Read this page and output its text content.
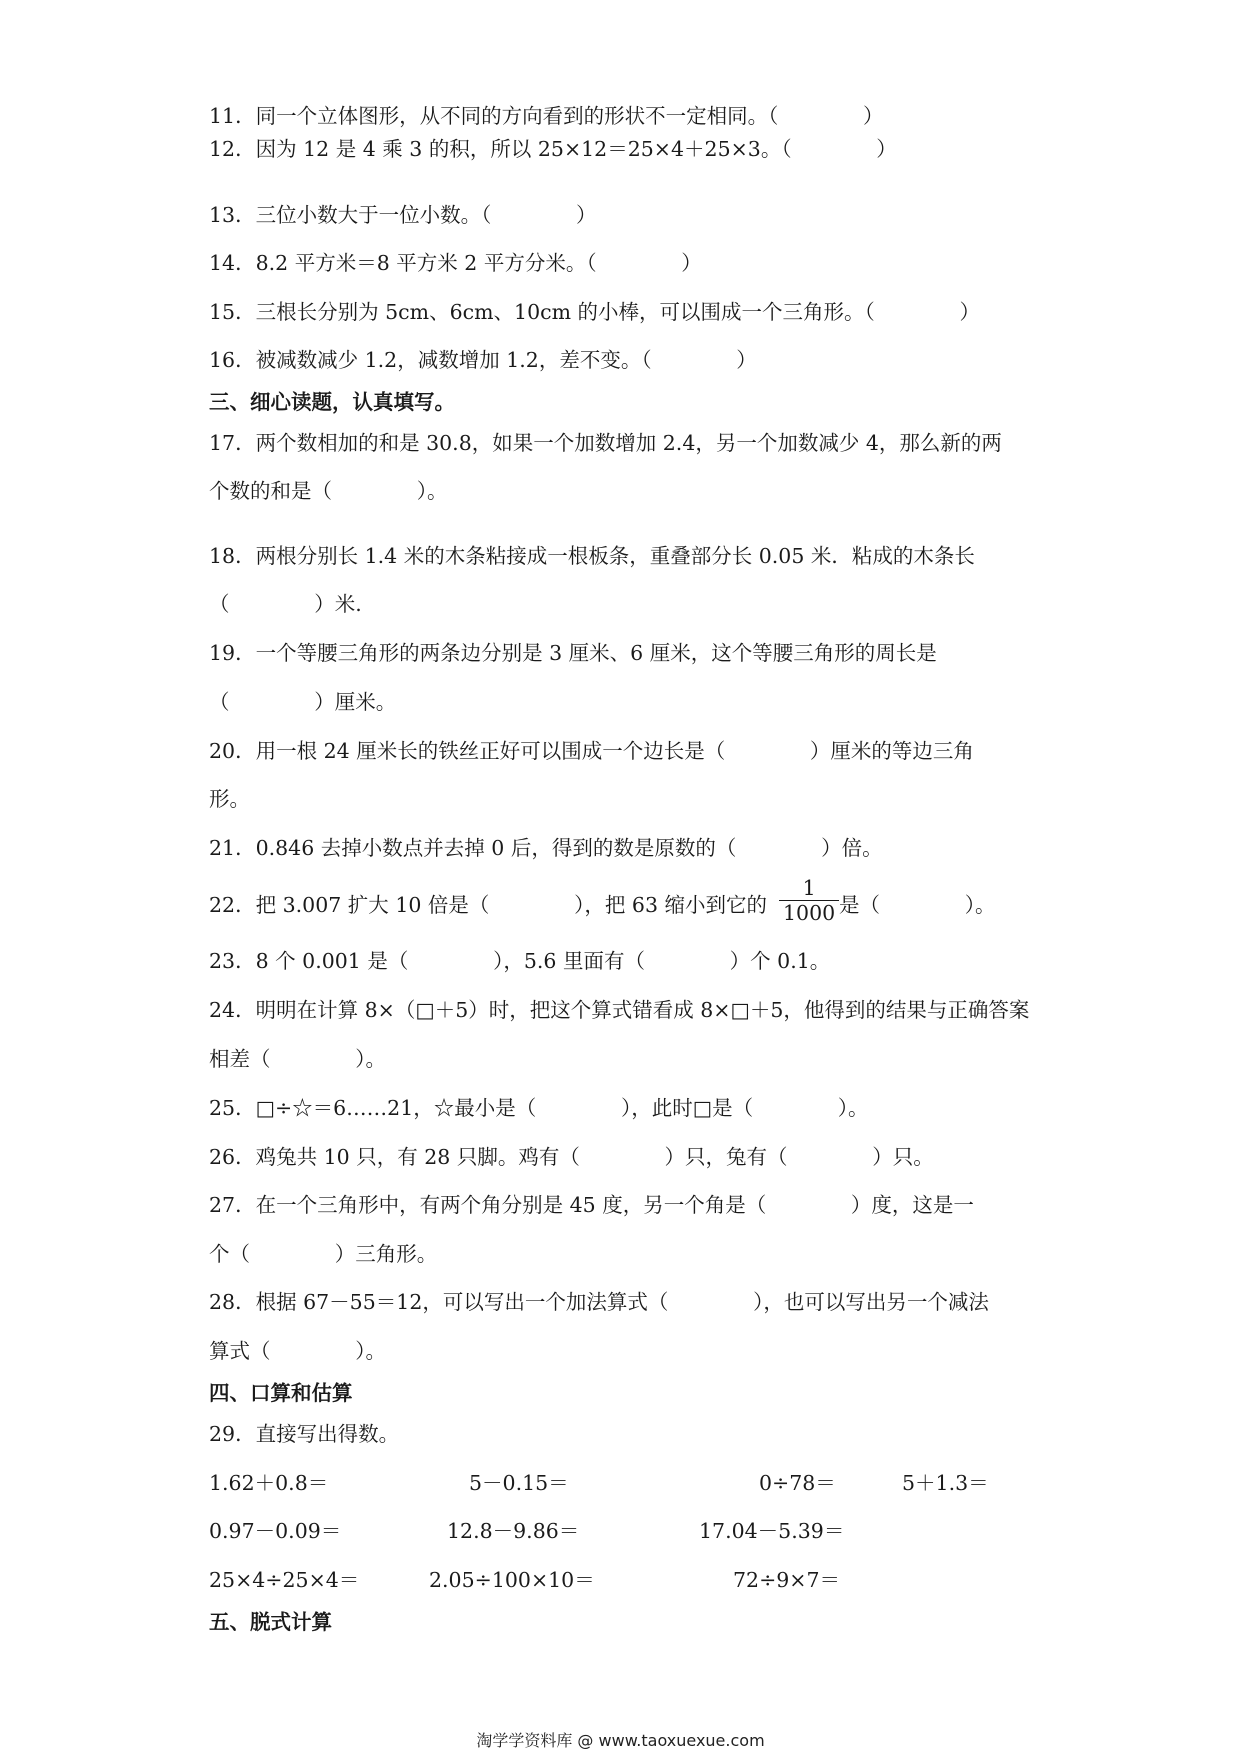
11．同一个立体图形，从不同的方向看到的形状不一定相同。（             ）
12．因为 12 是 4 乘 3 的积，所以 25×12＝25×4＋25×3。（             ）
13．三位小数大于一位小数。（             ）
14．8.2 平方米＝8 平方米 2 平方分米。（             ）
15．三根长分别为 5cm、6cm、10cm 的小棒，可以围成一个三角形。（             ）
16．被减数减少 1.2，减数增加 1.2，差不变。（             ）
三、细心读题，认真填写。
17．两个数相加的和是 30.8，如果一个加数增加 2.4，另一个加数减少 4，那么新的两
个数的和是（             ）。
18．两根分别长 1.4 米的木条粘接成一根板条，重叠部分长 0.05 米．粘成的木条长
（             ）米.
19．一个等腰三角形的两条边分别是 3 厘米、6 厘米，这个等腰三角形的周长是
（             ）厘米。
20．用一根 24 厘米长的铁丝正好可以围成一个边长是（             ）厘米的等边三角
形。
21．0.846 去掉小数点并去掉 0 后，得到的数是原数的（             ）倍。
22．把 3.007 扩大 10 倍是（             ），把 63 缩小到它的
1
1000 是（             ）。
23．8 个 0.001 是（             ），5.6 里面有（             ）个 0.1。
24．明明在计算 8×（□＋5）时，把这个算式错看成 8×□＋5，他得到的结果与正确答案
相差（             ）。
25．□÷☆＝6……21，☆最小是（             ），此时□是（             ）。
26．鸡兔共 10 只，有 28 只脚。鸡有（             ）只，兔有（             ）只。
27．在一个三角形中，有两个角分别是 45 度，另一个角是（             ）度，这是一
个（             ）三角形。
28．根据 67－55＝12，可以写出一个加法算式（             ），也可以写出另一个减法
算式（             ）。
四、口算和估算
29．直接写出得数。
1.62＋0.8＝	5－0.15＝	0÷78＝	5＋1.3＝
0.97－0.09＝	12.8－9.86＝	17.04－5.39＝
25×4÷25×4＝	2.05÷100×10＝	72÷9×7＝
五、脱式计算
淘学学资料库 @ www.taoxuexue.com
